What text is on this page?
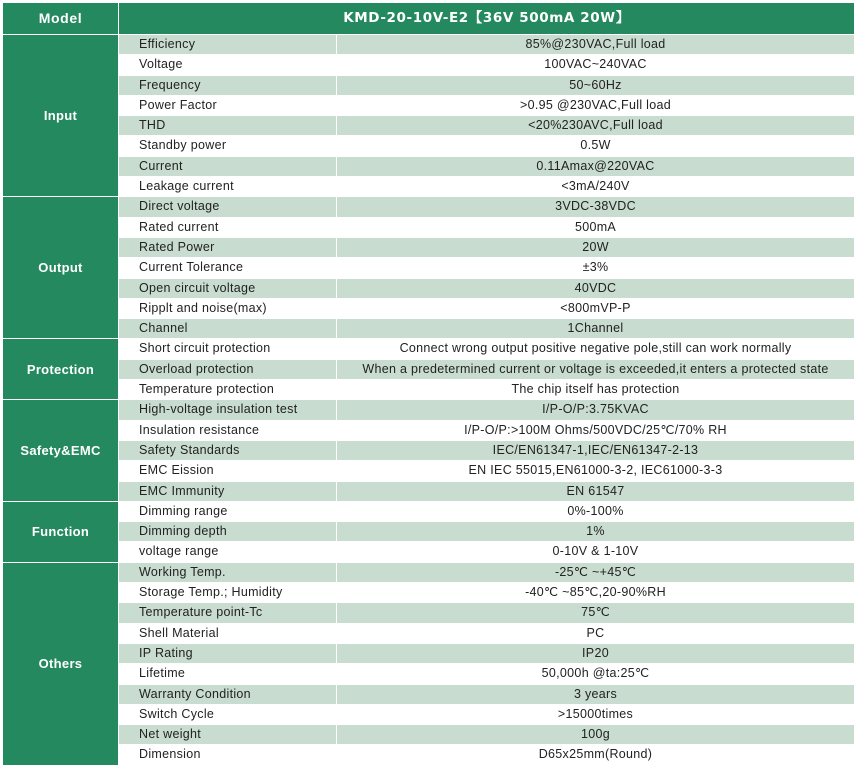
Model	KMD-20-10V-E2【36V 500mA 20W】	
Input	Efficiency	85%@230VAC,Full load
	Voltage	100VAC~240VAC
	Frequency	50~60Hz
	Power Factor	>0.95 @230VAC,Full load
	THD	<20%230AVC,Full load
	Standby power	0.5W
	Current	0.11Amax@220VAC
	Leakage current	<3mA/240V
Output	Direct voltage	3VDC-38VDC
	Rated current	500mA
	Rated Power	20W
	Current Tolerance	±3%
	Open circuit voltage	40VDC
	Ripplt and noise(max)	<800mVP-P
	Channel	1Channel
Protection	Short circuit protection	Connect wrong output positive negative pole,still can work normally
	Overload protection	When a predetermined current or voltage is exceeded,it enters a protected state
	Temperature protection	The chip itself has protection
Safety&EMC	High-voltage insulation test	I/P-O/P:3.75KVAC
	Insulation resistance	I/P-O/P:>100M Ohms/500VDC/25℃/70% RH
	Safety Standards	IEC/EN61347-1,IEC/EN61347-2-13
	EMC Eission	EN IEC 55015,EN61000-3-2, IEC61000-3-3
	EMC Immunity	EN 61547
Function	Dimming range	0%-100%
	Dimming depth	1%
	voltage range	0-10V & 1-10V
Others	Working Temp.	-25℃ ~+45℃
	Storage Temp.; Humidity	-40℃ ~85℃,20-90%RH
	Temperature point-Tc	75℃
	Shell Material	PC
	IP Rating	IP20
	Lifetime	50,000h @ta:25℃
	Warranty Condition	3 years
	Switch Cycle	>15000times
	Net weight	100g
	Dimension	D65x25mm(Round)
